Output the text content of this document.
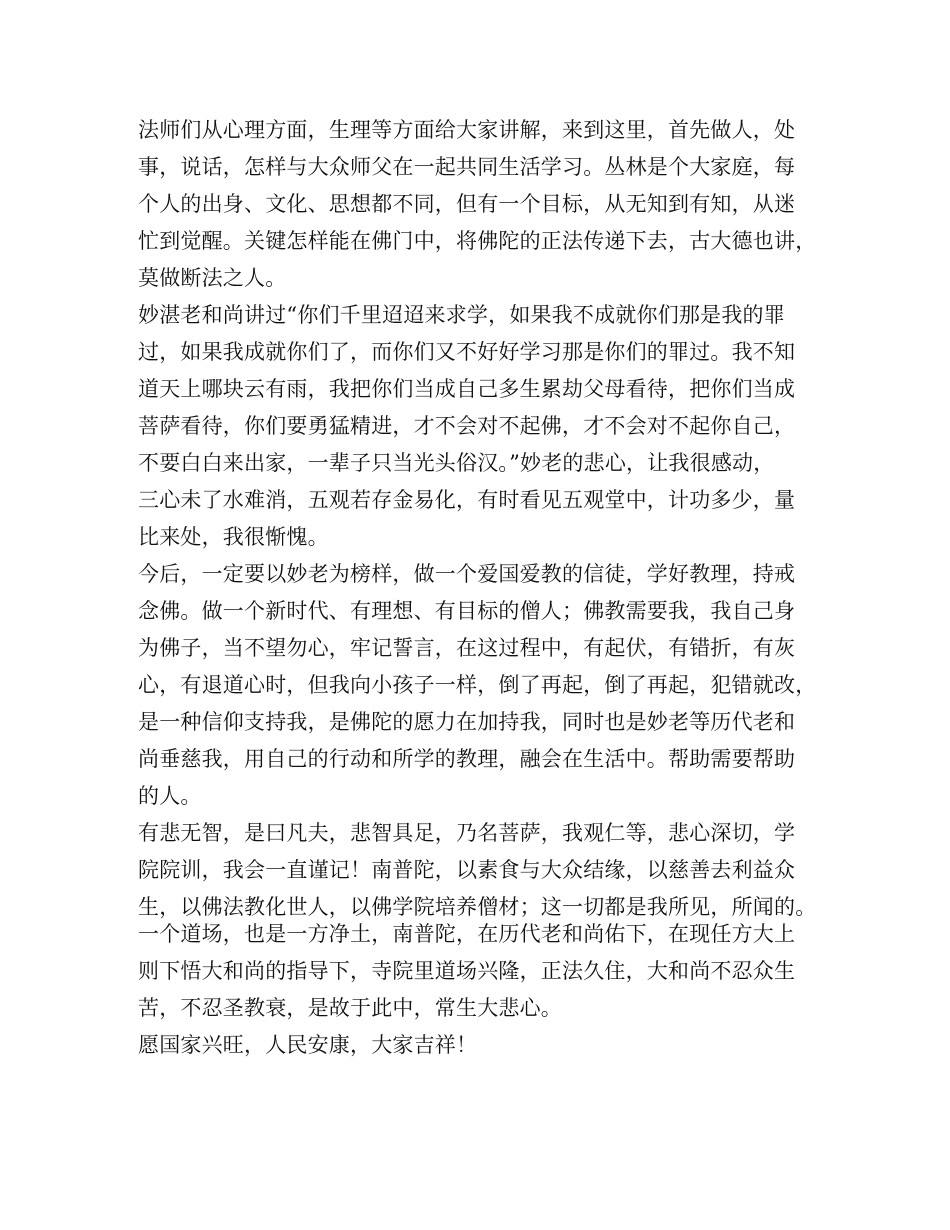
法师们从心理方面，生理等方面给大家讲解，来到这里，首先做人，处
事，说话，怎样与大众师父在一起共同生活学习。丛林是个大家庭，每
个人的出身、文化、思想都不同，但有一个目标，从无知到有知，从迷
忙到觉醒。关键怎样能在佛门中，将佛陀的正法传递下去，古大德也讲，
莫做断法之人。
妙湛老和尚讲过“你们千里迢迢来求学，如果我不成就你们那是我的罪
过，如果我成就你们了，而你们又不好好学习那是你们的罪过。我不知
道天上哪块云有雨，我把你们当成自己多生累劫父母看待，把你们当成
菩萨看待，你们要勇猛精进，才不会对不起佛，才不会对不起你自己，
不要白白来出家，一辈子只当光头俗汉。”妙老的悲心，让我很感动，
三心未了水难消，五观若存金易化，有时看见五观堂中，计功多少，量
比来处，我很惭愧。
今后，一定要以妙老为榜样，做一个爱国爱教的信徒，学好教理，持戒
念佛。做一个新时代、有理想、有目标的僧人；佛教需要我，我自己身
为佛子，当不望勿心，牢记誓言，在这过程中，有起伏，有错折，有灰
心，有退道心时，但我向小孩子一样，倒了再起，倒了再起，犯错就改，
是一种信仰支持我，是佛陀的愿力在加持我，同时也是妙老等历代老和
尚垂慈我，用自己的行动和所学的教理，融会在生活中。帮助需要帮助
的人。
有悲无智，是曰凡夫，悲智具足，乃名菩萨，我观仁等，悲心深切，学
院院训，我会一直谨记！南普陀，以素食与大众结缘，以慈善去利益众
生，以佛法教化世人，以佛学院培养僧材；这一切都是我所见，所闻的。
一个道场，也是一方净土，南普陀，在历代老和尚佑下，在现任方大上
则下悟大和尚的指导下，寺院里道场兴隆，正法久住，大和尚不忍众生
苦，不忍圣教衰，是故于此中，常生大悲心。
愿国家兴旺，人民安康，大家吉祥！
